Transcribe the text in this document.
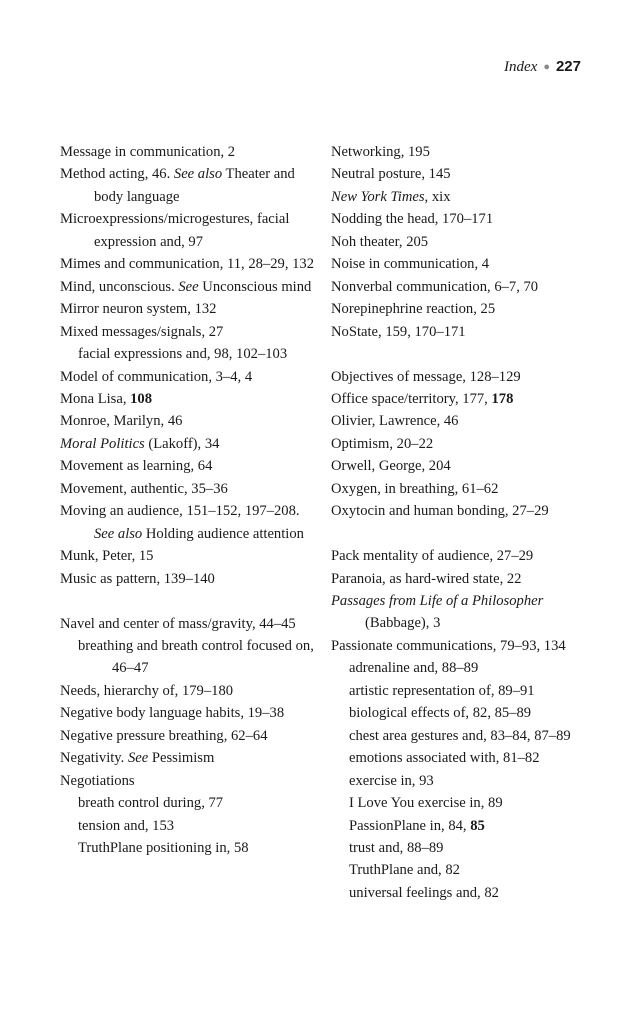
Index ● 227

Message in communication, 2

Method acting, 46. See also Theater and body language

Microexpressions/microgestures, facial expression and, 97

Mimes and communication, 11, 28–29, 132

Mind, unconscious. See Unconscious mind

Mirror neuron system, 132

Mixed messages/signals, 27

facial expressions and, 98, 102–103

Model of communication, 3–4, 4

Mona Lisa, 108

Monroe, Marilyn, 46

Moral Politics (Lakoff), 34

Movement as learning, 64

Movement, authentic, 35–36

Moving an audience, 151–152, 197–208. See also Holding audience attention

Munk, Peter, 15

Music as pattern, 139–140

Navel and center of mass/gravity, 44–45

breathing and breath control focused on, 46–47

Needs, hierarchy of, 179–180

Negative body language habits, 19–38

Negative pressure breathing, 62–64

Negativity. See Pessimism

Negotiations

breath control during, 77

tension and, 153

TruthPlane positioning in, 58

Networking, 195

Neutral posture, 145

New York Times, xix

Nodding the head, 170–171

Noh theater, 205

Noise in communication, 4

Nonverbal communication, 6–7, 70

Norepinephrine reaction, 25

NoState, 159, 170–171

Objectives of message, 128–129

Office space/territory, 177, 178

Olivier, Lawrence, 46

Optimism, 20–22

Orwell, George, 204

Oxygen, in breathing, 61–62

Oxytocin and human bonding, 27–29

Pack mentality of audience, 27–29

Paranoia, as hard-wired state, 22

Passages from Life of a Philosopher (Babbage), 3

Passionate communications, 79–93, 134

adrenaline and, 88–89

artistic representation of, 89–91

biological effects of, 82, 85–89

chest area gestures and, 83–84, 87–89

emotions associated with, 81–82

exercise in, 93

I Love You exercise in, 89

PassionPlane in, 84, 85

trust and, 88–89

TruthPlane and, 82

universal feelings and, 82
